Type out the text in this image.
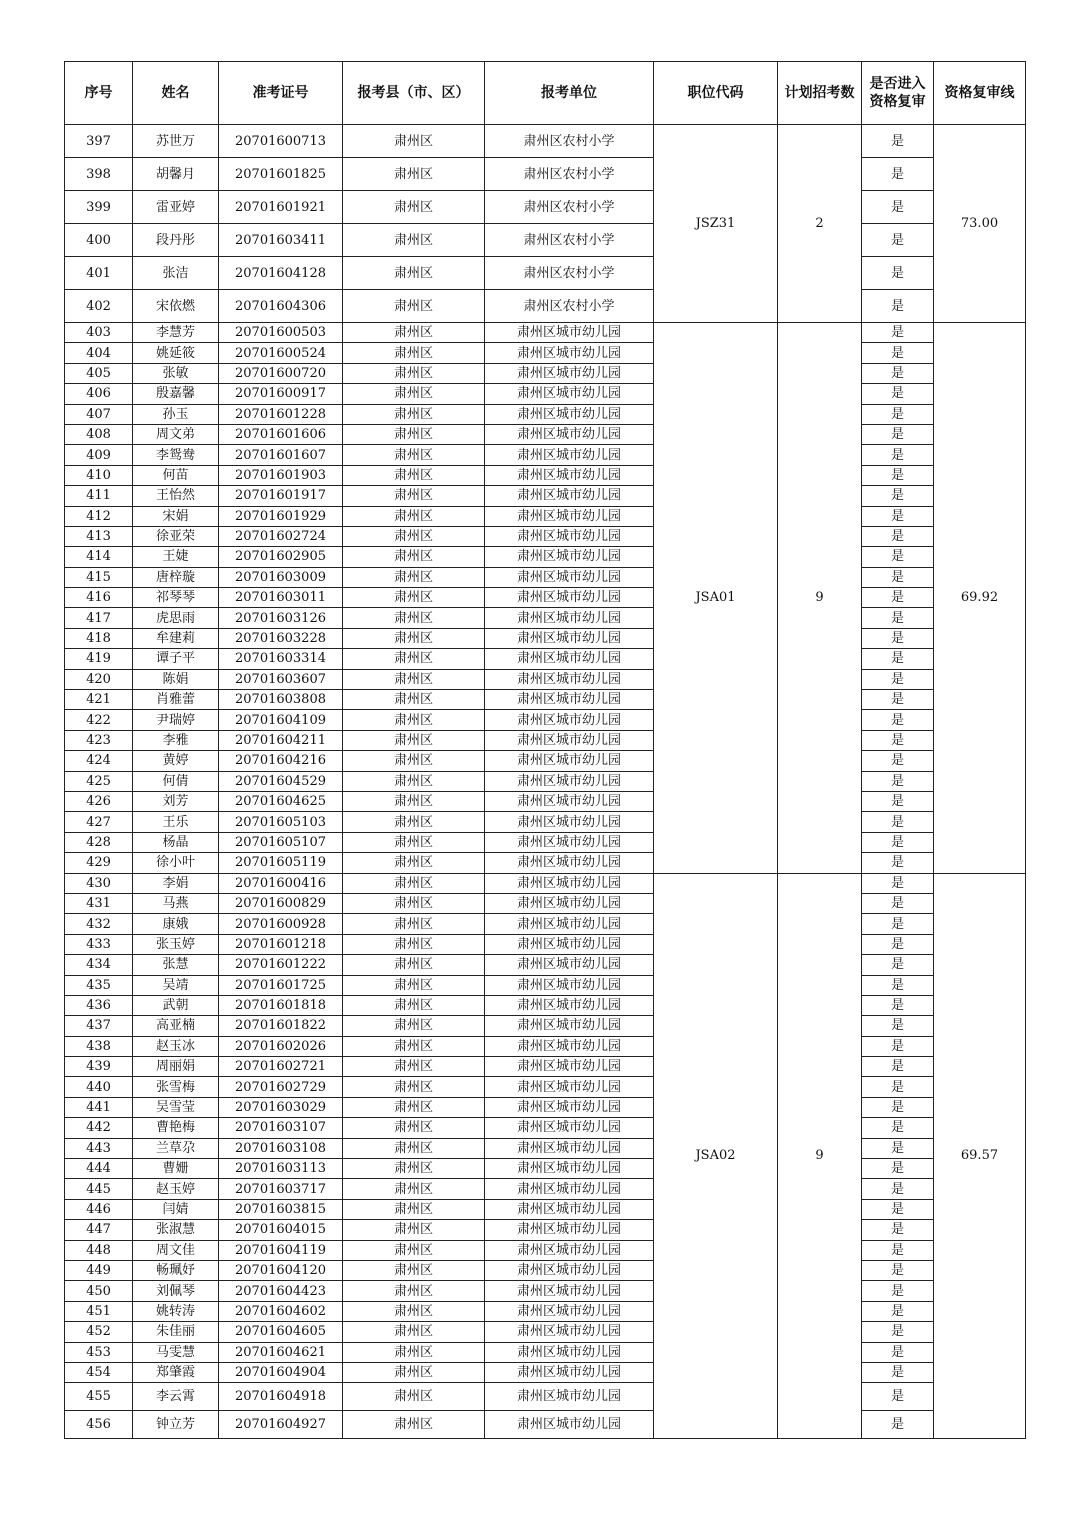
序号	姓名	准考证号	报考县（市、区）	报考单位	职位代码	计划招考数	是否进入资格复审	资格复审线
397	苏世万	20701600713	肃州区	肃州区农村小学	JSZ31	2	是	73.00
398	胡馨月	20701601825	肃州区	肃州区农村小学			是	
399	雷亚婷	20701601921	肃州区	肃州区农村小学			是	
400	段丹彤	20701603411	肃州区	肃州区农村小学			是	
401	张洁	20701604128	肃州区	肃州区农村小学			是	
402	宋依燃	20701604306	肃州区	肃州区农村小学			是	
403	李慧芳	20701600503	肃州区	肃州区城市幼儿园	JSA01	9	是	69.92
404	姚延筱	20701600524	肃州区	肃州区城市幼儿园			是	
405	张敏	20701600720	肃州区	肃州区城市幼儿园			是	
406	殷嘉馨	20701600917	肃州区	肃州区城市幼儿园			是	
407	孙玉	20701601228	肃州区	肃州区城市幼儿园			是	
408	周文弟	20701601606	肃州区	肃州区城市幼儿园			是	
409	李鸳鸯	20701601607	肃州区	肃州区城市幼儿园			是	
410	何苗	20701601903	肃州区	肃州区城市幼儿园			是	
411	王怡然	20701601917	肃州区	肃州区城市幼儿园			是	
412	宋娟	20701601929	肃州区	肃州区城市幼儿园			是	
413	徐亚荣	20701602724	肃州区	肃州区城市幼儿园			是	
414	王婕	20701602905	肃州区	肃州区城市幼儿园			是	
415	唐梓璇	20701603009	肃州区	肃州区城市幼儿园			是	
416	祁琴琴	20701603011	肃州区	肃州区城市幼儿园			是	
417	虎思雨	20701603126	肃州区	肃州区城市幼儿园			是	
418	牟建莉	20701603228	肃州区	肃州区城市幼儿园			是	
419	谭子平	20701603314	肃州区	肃州区城市幼儿园			是	
420	陈娟	20701603607	肃州区	肃州区城市幼儿园			是	
421	肖雅蕾	20701603808	肃州区	肃州区城市幼儿园			是	
422	尹瑞婷	20701604109	肃州区	肃州区城市幼儿园			是	
423	李雅	20701604211	肃州区	肃州区城市幼儿园			是	
424	黄婷	20701604216	肃州区	肃州区城市幼儿园			是	
425	何倩	20701604529	肃州区	肃州区城市幼儿园			是	
426	刘芳	20701604625	肃州区	肃州区城市幼儿园			是	
427	王乐	20701605103	肃州区	肃州区城市幼儿园			是	
428	杨晶	20701605107	肃州区	肃州区城市幼儿园			是	
429	徐小叶	20701605119	肃州区	肃州区城市幼儿园			是	
430	李娟	20701600416	肃州区	肃州区城市幼儿园	JSA02	9	是	69.57
431	马燕	20701600829	肃州区	肃州区城市幼儿园			是	
432	康娥	20701600928	肃州区	肃州区城市幼儿园			是	
433	张玉婷	20701601218	肃州区	肃州区城市幼儿园			是	
434	张慧	20701601222	肃州区	肃州区城市幼儿园			是	
435	吴靖	20701601725	肃州区	肃州区城市幼儿园			是	
436	武朝	20701601818	肃州区	肃州区城市幼儿园			是	
437	高亚楠	20701601822	肃州区	肃州区城市幼儿园			是	
438	赵玉冰	20701602026	肃州区	肃州区城市幼儿园			是	
439	周丽娟	20701602721	肃州区	肃州区城市幼儿园			是	
440	张雪梅	20701602729	肃州区	肃州区城市幼儿园			是	
441	吴雪莹	20701603029	肃州区	肃州区城市幼儿园			是	
442	曹艳梅	20701603107	肃州区	肃州区城市幼儿园			是	
443	兰草尕	20701603108	肃州区	肃州区城市幼儿园			是	
444	曹姗	20701603113	肃州区	肃州区城市幼儿园			是	
445	赵玉婷	20701603717	肃州区	肃州区城市幼儿园			是	
446	闫婧	20701603815	肃州区	肃州区城市幼儿园			是	
447	张淑慧	20701604015	肃州区	肃州区城市幼儿园			是	
448	周文佳	20701604119	肃州区	肃州区城市幼儿园			是	
449	畅珮妤	20701604120	肃州区	肃州区城市幼儿园			是	
450	刘佩琴	20701604423	肃州区	肃州区城市幼儿园			是	
451	姚转涛	20701604602	肃州区	肃州区城市幼儿园			是	
452	朱佳丽	20701604605	肃州区	肃州区城市幼儿园			是	
453	马雯慧	20701604621	肃州区	肃州区城市幼儿园			是	
454	郑肇霞	20701604904	肃州区	肃州区城市幼儿园			是	
455	李云霄	20701604918	肃州区	肃州区城市幼儿园			是	
456	钟立芳	20701604927	肃州区	肃州区城市幼儿园			是	
